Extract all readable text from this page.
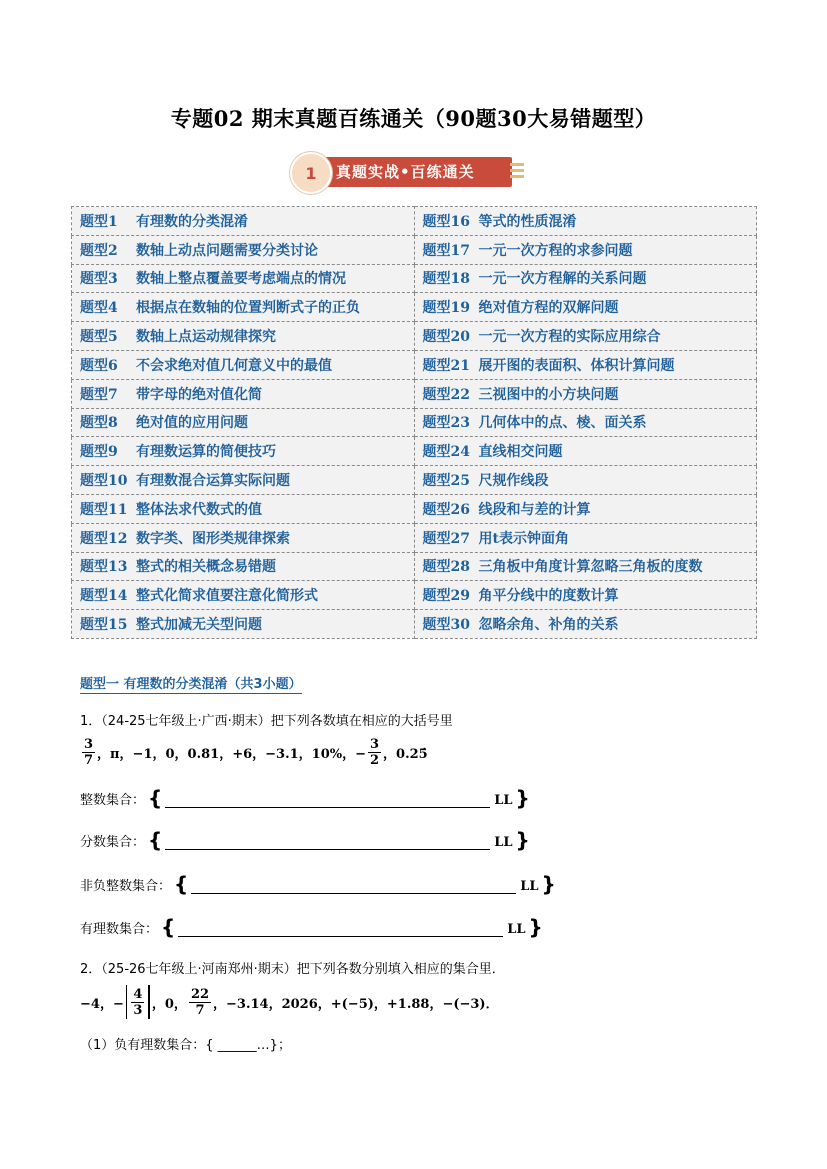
专题02 期末真题百练通关（90题30大易错题型）
1	真题实战•百练通关
题型1 有理数的分类混淆	题型16 等式的性质混淆
题型2 数轴上动点问题需要分类讨论	题型17 一元一次方程的求参问题
题型3 数轴上整点覆盖要考虑端点的情况	题型18 一元一次方程解的关系问题
题型4 根据点在数轴的位置判断式子的正负	题型19 绝对值方程的双解问题
题型5 数轴上点运动规律探究	题型20 一元一次方程的实际应用综合
题型6 不会求绝对值几何意义中的最值	题型21 展开图的表面积、体积计算问题
题型7 带字母的绝对值化简	题型22 三视图中的小方块问题
题型8 绝对值的应用问题	题型23 几何体中的点、棱、面关系
题型9 有理数运算的简便技巧	题型24 直线相交问题
题型10 有理数混合运算实际问题	题型25 尺规作线段
题型11 整体法求代数式的值	题型26 线段和与差的计算
题型12 数字类、图形类规律探索	题型27 用t表示钟面角
题型13 整式的相关概念易错题	题型28 三角板中角度计算忽略三角板的度数
题型14 整式化简求值要注意化简形式	题型29 角平分线中的度数计算
题型15 整式加减无关型问题	题型30 忽略余角、补角的关系
题型一 有理数的分类混淆（共3小题）
1．（24-25七年级上·广西·期末）把下列各数填在相应的大括号里
$\frac{3}{7}$ ，π，−1，0，0.81，+6，−3.1，10%，− $\frac{3}{2}$ ，0.25̇
整数集合： {	LL }
分数集合： {	LL }
非负整数集合： {	LL }
有理数集合： {	LL }
2．（25-26七年级上·河南郑州·期末）把下列各数分别填入相应的集合里．
−4，− $\frac{4}{3}$ ，0， $\frac{22}{7}$ ，−3.14，2026，+(−5)，+1.88，−(−3)．
（1）负有理数集合：{ ______…}；
